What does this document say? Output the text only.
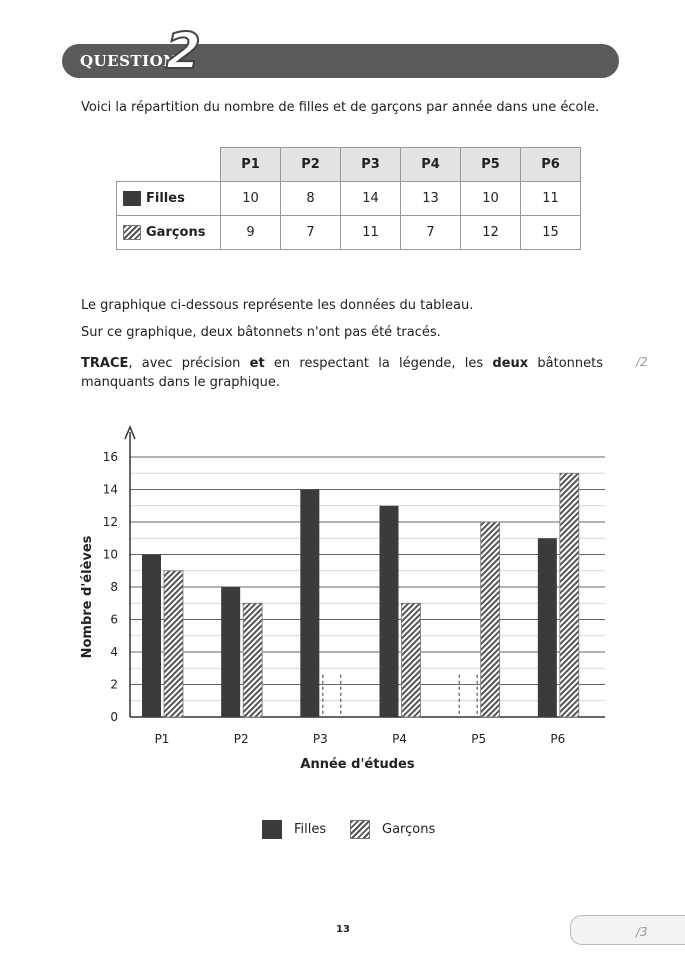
QUESTION
2
Voici la répartition du nombre de filles et de garçons par année dans une école.
	P1	P2	P3	P4	P5	P6
Filles	10	8	14	13	10	11
Garçons	9	7	11	7	12	15
Le graphique ci-dessous représente les données du tableau.
Sur ce graphique, deux bâtonnets n'ont pas été tracés.
TRACE, avec précision et en respectant la légende, les deux bâtonnets manquants dans le graphique.
/2
0
2
4
6
8
10
12
14
16
P1	P2	P3	P4	P5	P6
Année d'études
Nombre d'élèves
Filles	Garçons
13	/3
